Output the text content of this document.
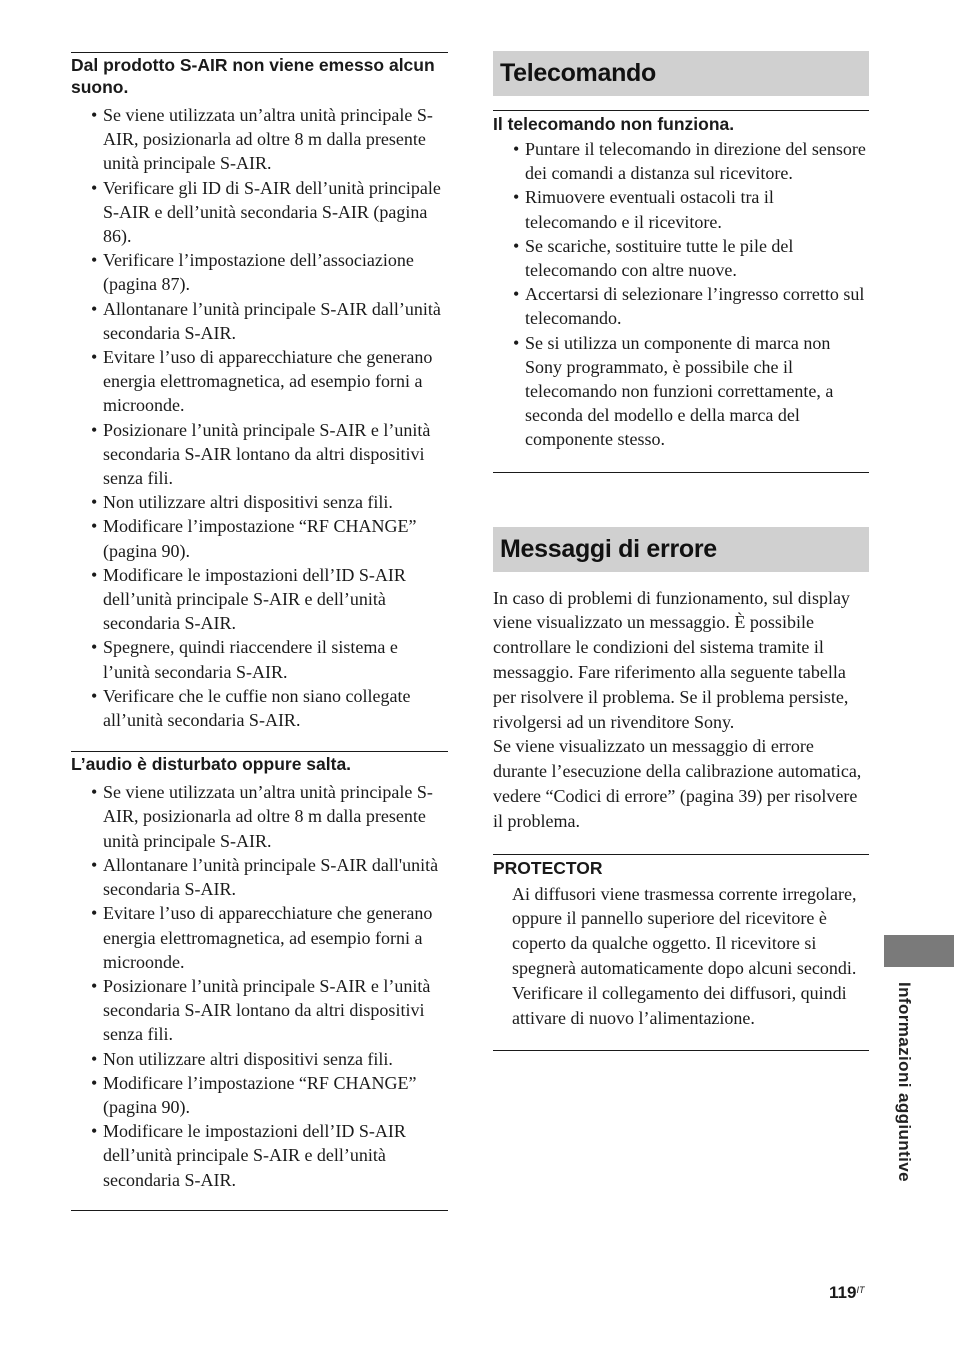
Dal prodotto S-AIR non viene emesso alcun suono.
• Se viene utilizzata un’altra unità principale S-AIR, posizionarla ad oltre 8 m dalla presente unità principale S-AIR.
• Verificare gli ID di S-AIR dell’unità principale S-AIR e dell’unità secondaria S-AIR (pagina 86).
• Verificare l’impostazione dell’associazione (pagina 87).
• Allontanare l’unità principale S-AIR dall’unità secondaria S-AIR.
• Evitare l’uso di apparecchiature che generano energia elettromagnetica, ad esempio forni a microonde.
• Posizionare l’unità principale S-AIR e l’unità secondaria S-AIR lontano da altri dispositivi senza fili.
• Non utilizzare altri dispositivi senza fili.
• Modificare l’impostazione “RF CHANGE” (pagina 90).
• Modificare le impostazioni dell’ID S-AIR dell’unità principale S-AIR e dell’unità secondaria S-AIR.
• Spegnere, quindi riaccendere il sistema e l’unità secondaria S-AIR.
• Verificare che le cuffie non siano collegate all’unità secondaria S-AIR.
L’audio è disturbato oppure salta.
• Se viene utilizzata un’altra unità principale S-AIR, posizionarla ad oltre 8 m dalla presente unità principale S-AIR.
• Allontanare l’unità principale S-AIR dall'unità secondaria S-AIR.
• Evitare l’uso di apparecchiature che generano energia elettromagnetica, ad esempio forni a microonde.
• Posizionare l’unità principale S-AIR e l’unità secondaria S-AIR lontano da altri dispositivi senza fili.
• Non utilizzare altri dispositivi senza fili.
• Modificare l’impostazione “RF CHANGE” (pagina 90).
• Modificare le impostazioni dell’ID S-AIR dell’unità principale S-AIR e dell’unità secondaria S-AIR.
Telecomando
Il telecomando non funziona.
• Puntare il telecomando in direzione del sensore dei comandi a distanza sul ricevitore.
• Rimuovere eventuali ostacoli tra il telecomando e il ricevitore.
• Se scariche, sostituire tutte le pile del telecomando con altre nuove.
• Accertarsi di selezionare l’ingresso corretto sul telecomando.
• Se si utilizza un componente di marca non Sony programmato, è possibile che il telecomando non funzioni correttamente, a seconda del modello e della marca del componente stesso.
Messaggi di errore

In caso di problemi di funzionamento, sul display viene visualizzato un messaggio. È possibile controllare le condizioni del sistema tramite il messaggio. Fare riferimento alla seguente tabella per risolvere il problema. Se il problema persiste, rivolgersi ad un rivenditore Sony.

Se viene visualizzato un messaggio di errore durante l’esecuzione della calibrazione automatica, vedere “Codici di errore” (pagina 39) per risolvere il problema.

PROTECTOR

Ai diffusori viene trasmessa corrente irregolare, oppure il pannello superiore del ricevitore è coperto da qualche oggetto. Il ricevitore si spegnerà automaticamente dopo alcuni secondi. Verificare il collegamento dei diffusori, quindi attivare di nuovo l’alimentazione.	Informazioni aggiuntive
$119^{IT}$
